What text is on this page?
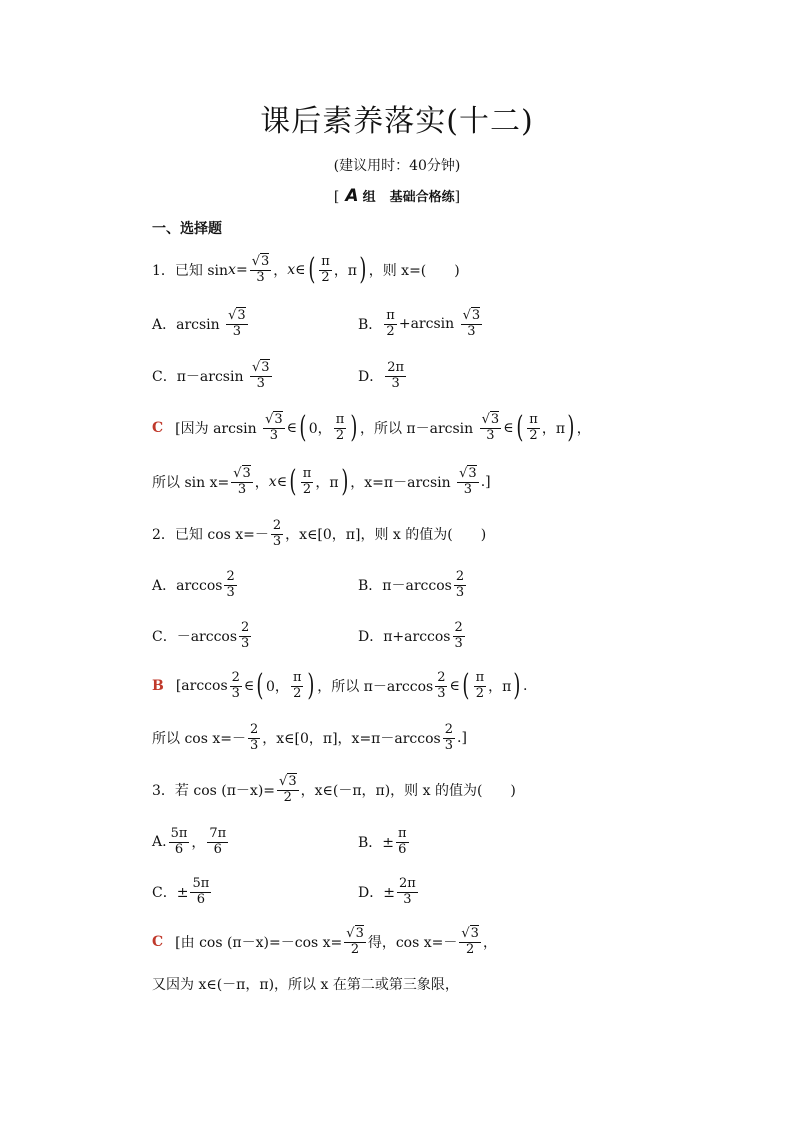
课后素养落实(十二)
(建议用时：40分钟)
[ A 组　 基础合格练]
一、选择题
1．已知 $\sin x = \frac{√3}{3}$ ， x ∈ ( $\frac{\pi}{2}$ ，π ) ，则 x=(　　)
A．arcsin
$\frac{√3}{3}$	B． $\frac{\pi}{2} +\arcsin \frac{√3}{3}$
C．π－arcsin
$\frac{√3}{3}$	D． $\frac{2\pi}{3}$
C [因为 arcsin
$\frac{√3}{3}$ ∈ ( 0， $\frac{\pi}{2}$ ) ，所以 π－arcsin
$\frac{√3}{3}$ ∈ ( $\frac{\pi}{2}$ ，π ) ，
所以 $\sin x= \frac{√3}{3}$ ， x ∈ ( $\frac{\pi}{2}$ ，π ) ， x=π－arcsin
$\frac{√3}{3}$ .]
2．已知 $\cos x=- \frac{2}{3}$ ，x∈[0，π]，则 x 的值为(　　)
A．$\arccos \frac{2}{3}$	B．$\pi-\arccos \frac{2}{3}$
C．$-\arccos \frac{2}{3}$	D．$\pi+\arccos \frac{2}{3}$
B [$\arccos \frac{2}{3}$ ∈ ( 0， $\frac{\pi}{2}$ ) ，所以 $\pi-\arccos \frac{2}{3}$ ∈ ( $\frac{\pi}{2}$ ，π ) .
所以 $\cos x=- \frac{2}{3}$ ，x∈[0，π]，$x=\pi-\arccos \frac{2}{3}$ .]
3．若 $\cos (\pi-x)= \frac{√3}{2}$ ，x∈(－π，π)，则 x 的值为(　　)
A. $\frac{5\pi}{6}$ ， $\frac{7\pi}{6}$	B．± $\frac{\pi}{6}$
C．± $\frac{5\pi}{6}$	D．± $\frac{2\pi}{3}$
C [由 cos (π－x)=－cos $x= \frac{√3}{2}$ 得，$\cos x=- \frac{√3}{2}$ ，
又因为 x∈(－π，π)，所以 x 在第二或第三象限，
